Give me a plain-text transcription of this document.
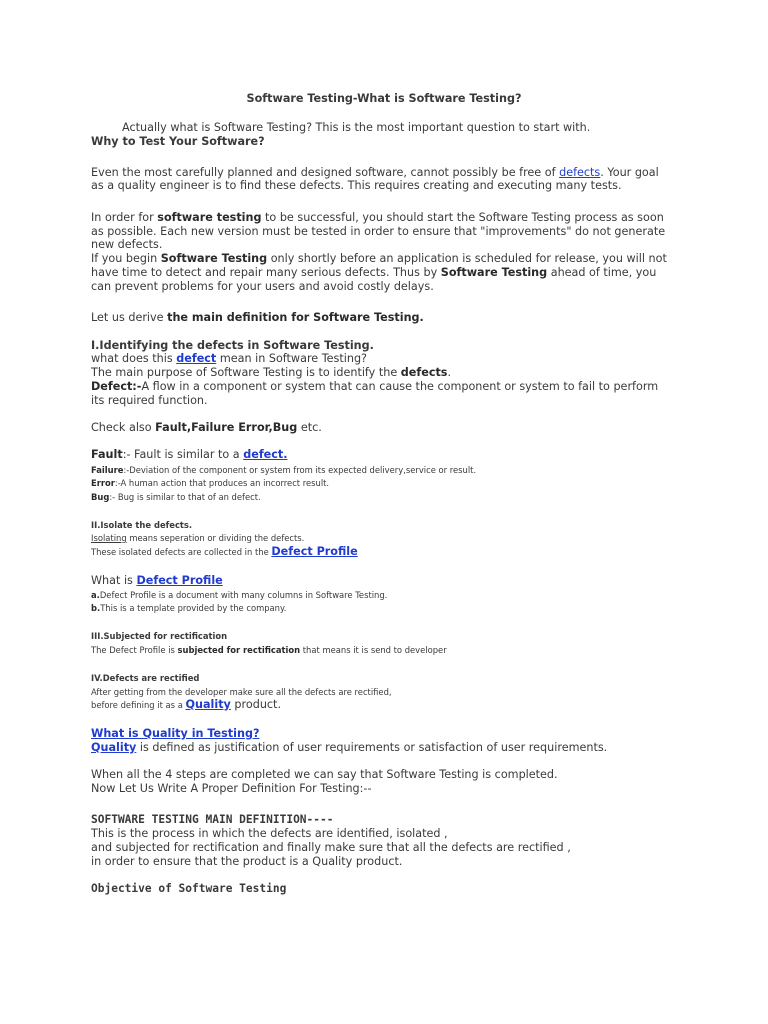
Software Testing-What is Software Testing?
Actually what is Software Testing? This is the most important question to start with.
Why to Test Your Software?
Even the most carefully planned and designed software, cannot possibly be free of defects. Your goal
as a quality engineer is to find these defects. This requires creating and executing many tests.
In order for software testing to be successful, you should start the Software Testing process as soon
as possible. Each new version must be tested in order to ensure that "improvements" do not generate
new defects.
If you begin Software Testing only shortly before an application is scheduled for release, you will not
have time to detect and repair many serious defects. Thus by Software Testing ahead of time, you
can prevent problems for your users and avoid costly delays.
Let us derive the main definition for Software Testing.
I.Identifying the defects in Software Testing.
what does this defect mean in Software Testing?
The main purpose of Software Testing is to identify the defects.
Defect:-A flow in a component or system that can cause the component or system to fail to perform
its required function.
Check also Fault,Failure Error,Bug etc.
Fault:- Fault is similar to a defect.
Failure:-Deviation of the component or system from its expected delivery,service or result.
Error:-A human action that produces an incorrect result.
Bug:- Bug is similar to that of an defect.
II.Isolate the defects.
Isolating means seperation or dividing the defects.
These isolated defects are collected in the Defect Profile
What is Defect Profile
a.Defect Profile is a document with many columns in Software Testing.
b.This is a template provided by the company.
III.Subjected for rectification
The Defect Profile is subjected for rectification that means it is send to developer
IV.Defects are rectified
After getting from the developer make sure all the defects are rectified,
before defining it as a Quality product.
What is Quality in Testing?
Quality is defined as justification of user requirements or satisfaction of user requirements.
When all the 4 steps are completed we can say that Software Testing is completed.
Now Let Us Write A Proper Definition For Testing:--
SOFTWARE TESTING MAIN DEFINITION----
This is the process in which the defects are identified, isolated ,
and subjected for rectification and finally make sure that all the defects are rectified ,
in order to ensure that the product is a Quality product.
Objective of Software Testing
